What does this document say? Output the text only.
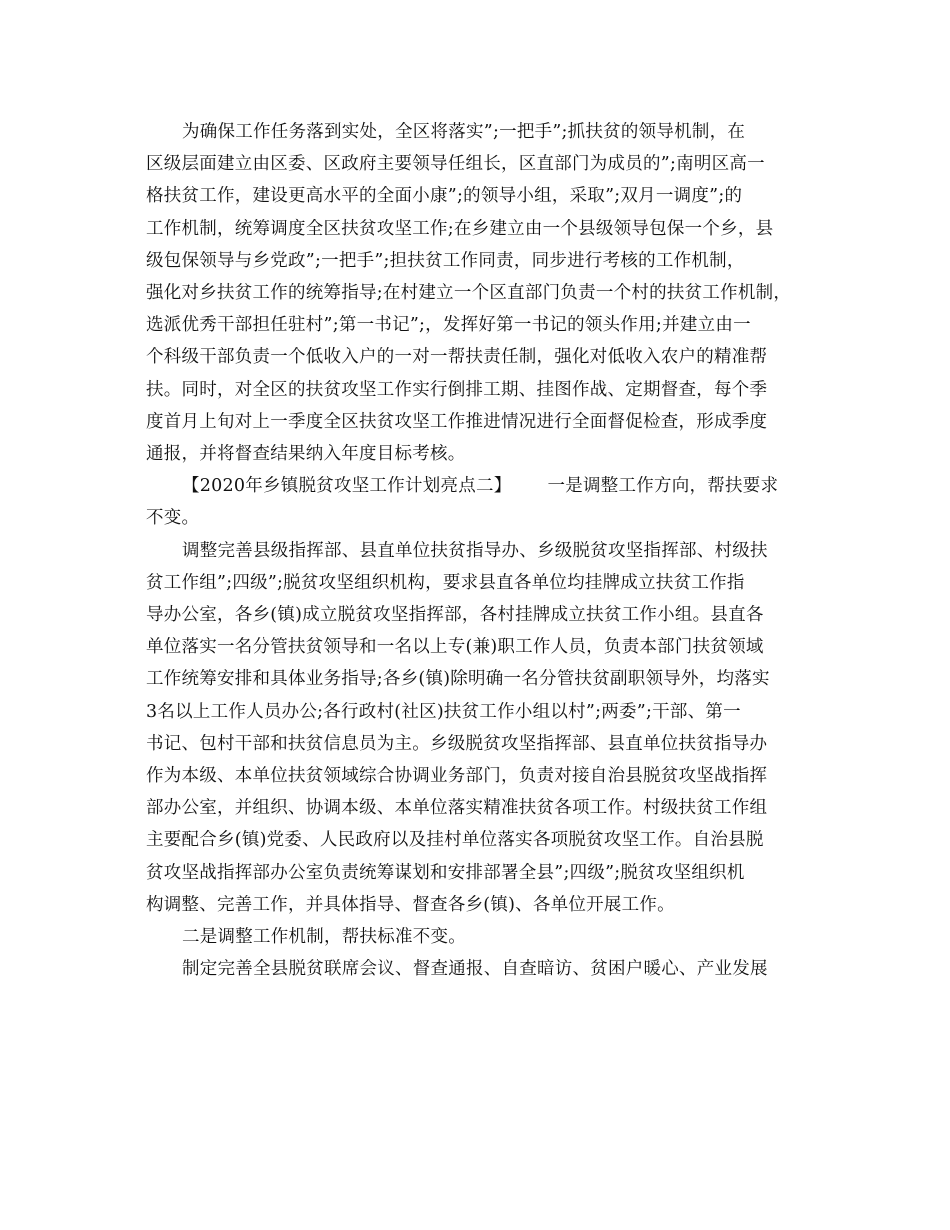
为确保工作任务落到实处，全区将落实”;一把手”;抓扶贫的领导机制，在
区级层面建立由区委、区政府主要领导任组长，区直部门为成员的”;南明区高一
格扶贫工作，建设更高水平的全面小康”;的领导小组，采取”;双月一调度”;的
工作机制，统筹调度全区扶贫攻坚工作;在乡建立由一个县级领导包保一个乡，县
级包保领导与乡党政”;一把手”;担扶贫工作同责，同步进行考核的工作机制，
强化对乡扶贫工作的统筹指导;在村建立一个区直部门负责一个村的扶贫工作机制，
选派优秀干部担任驻村”;第一书记”;，发挥好第一书记的领头作用;并建立由一
个科级干部负责一个低收入户的一对一帮扶责任制，强化对低收入农户的精准帮
扶。同时，对全区的扶贫攻坚工作实行倒排工期、挂图作战、定期督查，每个季
度首月上旬对上一季度全区扶贫攻坚工作推进情况进行全面督促检查，形成季度
通报，并将督查结果纳入年度目标考核。

【2020年乡镇脱贫攻坚工作计划亮点二】 一是调整工作方向，帮扶要求
不变。

调整完善县级指挥部、县直单位扶贫指导办、乡级脱贫攻坚指挥部、村级扶
贫工作组”;四级”;脱贫攻坚组织机构，要求县直各单位均挂牌成立扶贫工作指
导办公室，各乡(镇)成立脱贫攻坚指挥部，各村挂牌成立扶贫工作小组。县直各
单位落实一名分管扶贫领导和一名以上专(兼)职工作人员，负责本部门扶贫领域
工作统筹安排和具体业务指导;各乡(镇)除明确一名分管扶贫副职领导外，均落实
3名以上工作人员办公;各行政村(社区)扶贫工作小组以村”;两委”;干部、第一
书记、包村干部和扶贫信息员为主。乡级脱贫攻坚指挥部、县直单位扶贫指导办
作为本级、本单位扶贫领域综合协调业务部门，负责对接自治县脱贫攻坚战指挥
部办公室，并组织、协调本级、本单位落实精准扶贫各项工作。村级扶贫工作组
主要配合乡(镇)党委、人民政府以及挂村单位落实各项脱贫攻坚工作。自治县脱
贫攻坚战指挥部办公室负责统筹谋划和安排部署全县”;四级”;脱贫攻坚组织机
构调整、完善工作，并具体指导、督查各乡(镇)、各单位开展工作。

二是调整工作机制，帮扶标准不变。

制定完善全县脱贫联席会议、督查通报、自查暗访、贫困户暖心、产业发展
